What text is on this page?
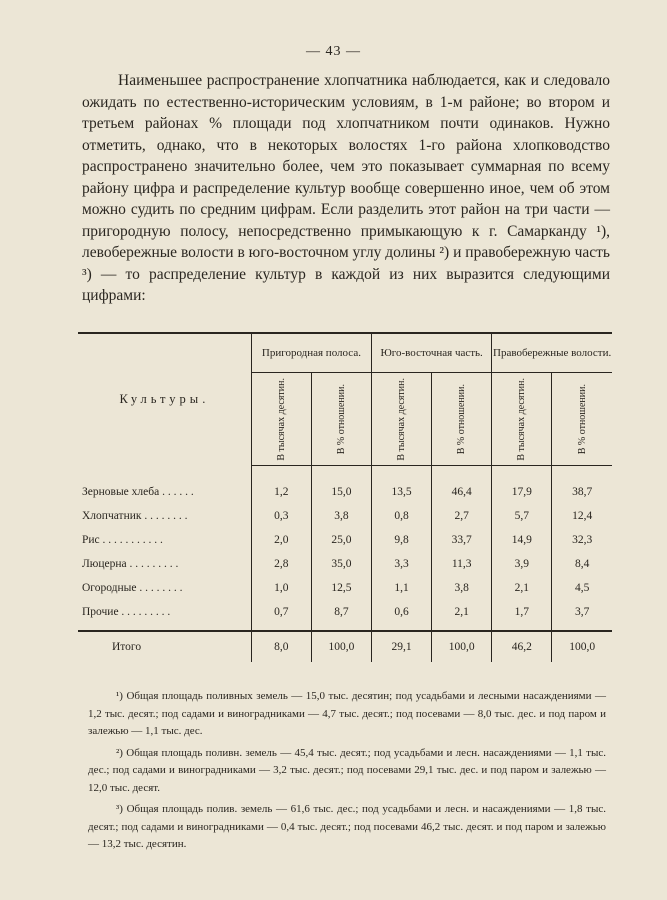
— 43 —

Наименьшее распространение хлопчатника наблюдается, как и следовало ожидать по естественно-историческим условиям, в 1-м районе; во втором и третьем районах % площади под хлопчатником почти одинаков. Нужно отметить, однако, что в некоторых волостях 1-го района хлопководство распространено значительно более, чем это показывает суммарная по всему району цифра и распределение культур вообще совершенно иное, чем об этом можно судить по средним цифрам. Если разделить этот район на три части — пригородную полосу, непосредственно примыкающую к г. Самарканду ¹), левобережные волости в юго-восточном углу долины ²) и правобережную часть ³) — то распределение культур в каждой из них выразится следующими цифрами:

Культуры.	Пригородная полоса.		Юго-восточная часть.		Правобережные волости.	

	В тысячах десятин.	В % отношении.	В тысячах десятин.	В % отношении.	В тысячах десятин.	В % отношении.

Зерновые хлеба . . . . . .	1,2	15,0	13,5	46,4	17,9	38,7
Хлопчатник . . . . . . . .	0,3	3,8	0,8	2,7	5,7	12,4
Рис . . . . . . . . . . .	2,0	25,0	9,8	33,7	14,9	32,3
Люцерна . . . . . . . . .	2,8	35,0	3,3	11,3	3,9	8,4
Огородные . . . . . . . .	1,0	12,5	1,1	3,8	2,1	4,5
Прочие . . . . . . . . .	0,7	8,7	0,6	2,1	1,7	3,7
Итого	8,0	100,0	29,1	100,0	46,2	100,0

¹) Общая площадь поливных земель — 15,0 тыс. десятин; под усадьбами и лесными насаждениями — 1,2 тыс. десят.; под садами и виноградниками — 4,7 тыс. десят.; под посевами — 8,0 тыс. дес. и под паром и залежью — 1,1 тыс. дес.

²) Общая площадь поливн. земель — 45,4 тыс. десят.; под усадьбами и лесн. насаждениями — 1,1 тыс. дес.; под садами и виноградниками — 3,2 тыс. десят.; под посевами 29,1 тыс. дес. и под паром и залежью — 12,0 тыс. десят.

³) Общая площадь полив. земель — 61,6 тыс. дес.; под усадьбами и лесн. и насаждениями — 1,8 тыс. десят.; под садами и виноградниками — 0,4 тыс. десят.; под посевами 46,2 тыс. десят. и под паром и залежью — 13,2 тыс. десятин.
